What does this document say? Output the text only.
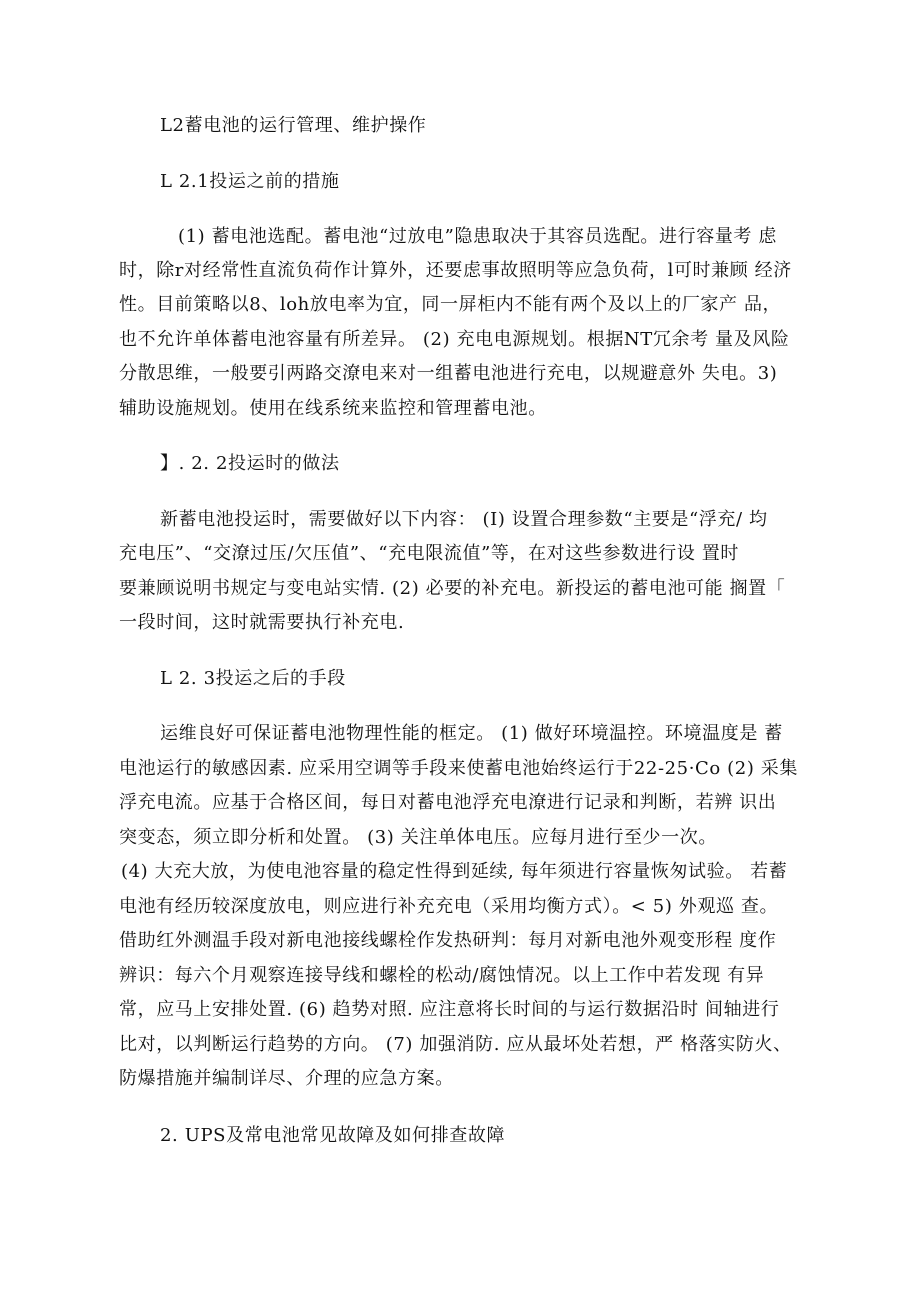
L2蓄电池的运行管理、维护操作
L 2.1投运之前的措施
(1) 蓄电池选配。蓄电池“过放电”隐患取决于其容员选配。进行容量考 虑
时，除r对经常性直流负荷作计算外，还要虑事故照明等应急负荷，l可时兼顾 经济
性。目前策略以8、loh放电率为宜，同一屏柜内不能有两个及以上的厂家产 品，
也不允许单体蓄电池容量有所差异。 (2) 充电电源规划。根据NT冗余考 量及风险
分散思维，一般要引两路交潦电来对一组蓄电池进行充电，以规避意外 失电。3)
辅助设施规划。使用在线系统来监控和管理蓄电池。
】. 2. 2投运时的做法
新蓄电池投运时，需要做好以下内容： (I) 设置合理参数“主要是“浮充/ 均
充电压”、“交潦过压/欠压值”、“充电限流值”等，在对这些参数进行设 置时
要兼顾说明书规定与变电站实情. (2) 必要的补充电。新投运的蓄电池可能 搁置「
一段时间，这时就需要执行补充电.
L 2. 3投运之后的手段
运维良好可保证蓄电池物理性能的框定。 (1) 做好环境温控。环境温度是 蓄
电池运行的敏感因素. 应采用空调等手段来使蓄电池始终运行于22-25·Co (2) 采集
浮充电流。应基于合格区间，每日对蓄电池浮充电潦进行记录和判断，若辨 识出
突变态，须立即分析和处置。 (3) 关注单体电压。应每月进行至少一次。
(4) 大充大放，为使电池容量的稳定性得到延续, 每年须进行容量恢匆试验。 若蓄
电池有经历较深度放电，则应进行补充充电（采用均衡方式）。< 5) 外观巡 查。
借助红外测温手段对新电池接线螺栓作发热研判：每月对新电池外观变形程 度作
辨识：每六个月观察连接导线和螺栓的松动/腐蚀情况。以上工作中若发现 有异
常，应马上安排处置. (6) 趋势对照. 应注意将长时间的与运行数据沿时 间轴进行
比对，以判断运行趋势的方向。 (7) 加强消防. 应从最坏处若想，严 格落实防火、
防爆措施并编制详尽、介理的应急方案。
2. UPS及常电池常见故障及如何排查故障
